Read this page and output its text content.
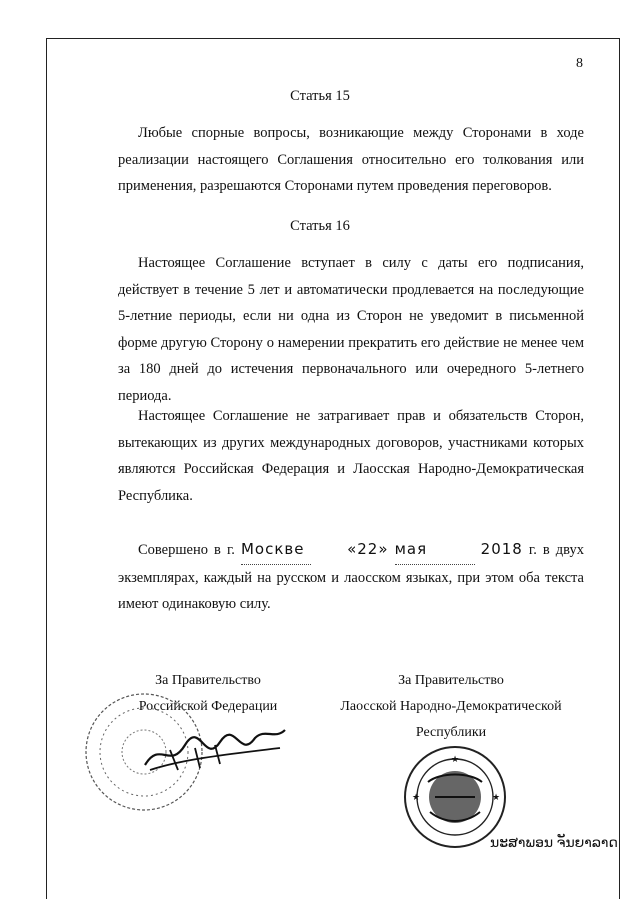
8
Статья 15
Любые спорные вопросы, возникающие между Сторонами в ходе реализации настоящего Соглашения относительно его толкования или применения, разрешаются Сторонами путем проведения переговоров.
Статья 16
Настоящее Соглашение вступает в силу с даты его подписания, действует в течение 5 лет и автоматически продлевается на последующие 5-летние периоды, если ни одна из Сторон не уведомит в письменной форме другую Сторону о намерении прекратить его действие не менее чем за 180 дней до истечения первоначального или очередного 5-летнего периода.
Настоящее Соглашение не затрагивает прав и обязательств Сторон, вытекающих из других международных договоров, участниками которых являются Российская Федерация и Лаосская Народно-Демократическая Республика.
Совершено в г. Москве	«22» мая	2018 г. в двух экземплярах, каждый на русском и лаосском языках, при этом оба текста имеют одинаковую силу.
За Правительство
Российской Федерации
За Правительство
Лаосской Народно-Демократической
Республики
★
★	★
ນະສາພອນ ຈັນຍາລາດ
